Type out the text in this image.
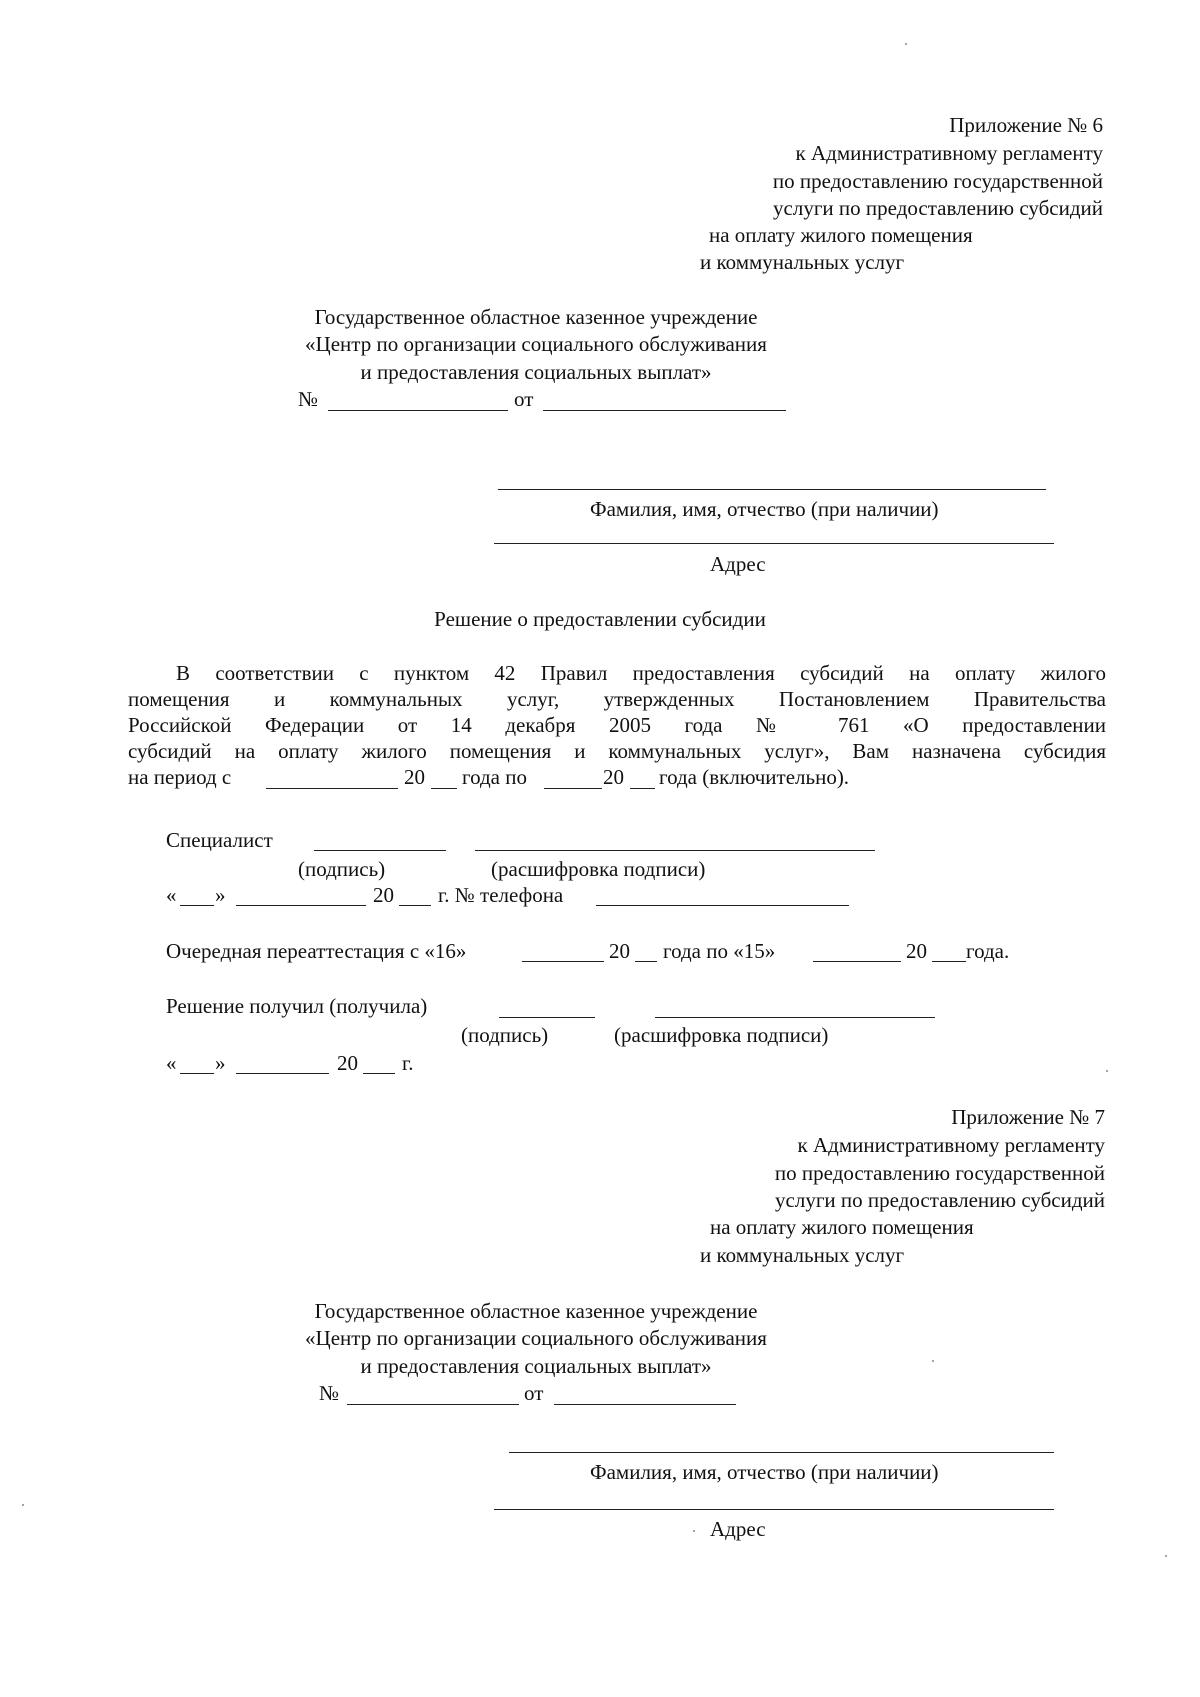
Приложение № 6
к Административному регламенту
по предоставлению государственной
услуги по предоставлению субсидий
на оплату жилого помещения
и коммунальных услуг
Государственное областное казенное учреждение
«Центр по организации социального обслуживания
и предоставления социальных выплат»
№	от
Фамилия, имя, отчество (при наличии)
Адрес
Решение о предоставлении субсидии
В соответствии с пунктом 42 Правил предоставления субсидий на оплату жилого
помещения и коммунальных услуг, утвержденных Постановлением Правительства
Российской Федерации от 14 декабря 2005 года № 761 «О предоставлении
субсидий на оплату жилого помещения и коммунальных услуг», Вам назначена субсидия
на период с	20 года по	20 года (включительно).
Специалист
(подпись)	(расшифровка подписи)
« »	20 г. № телефона
Очередная переаттестация с «16»	20 года по «15»	20 года.
Решение получил (получила)
(подпись)	(расшифровка подписи)
« »	20 г.
Приложение № 7
к Административному регламенту
по предоставлению государственной
услуги по предоставлению субсидий
на оплату жилого помещения
и коммунальных услуг
Государственное областное казенное учреждение
«Центр по организации социального обслуживания
и предоставления социальных выплат»
№	от
Фамилия, имя, отчество (при наличии)
Адрес
